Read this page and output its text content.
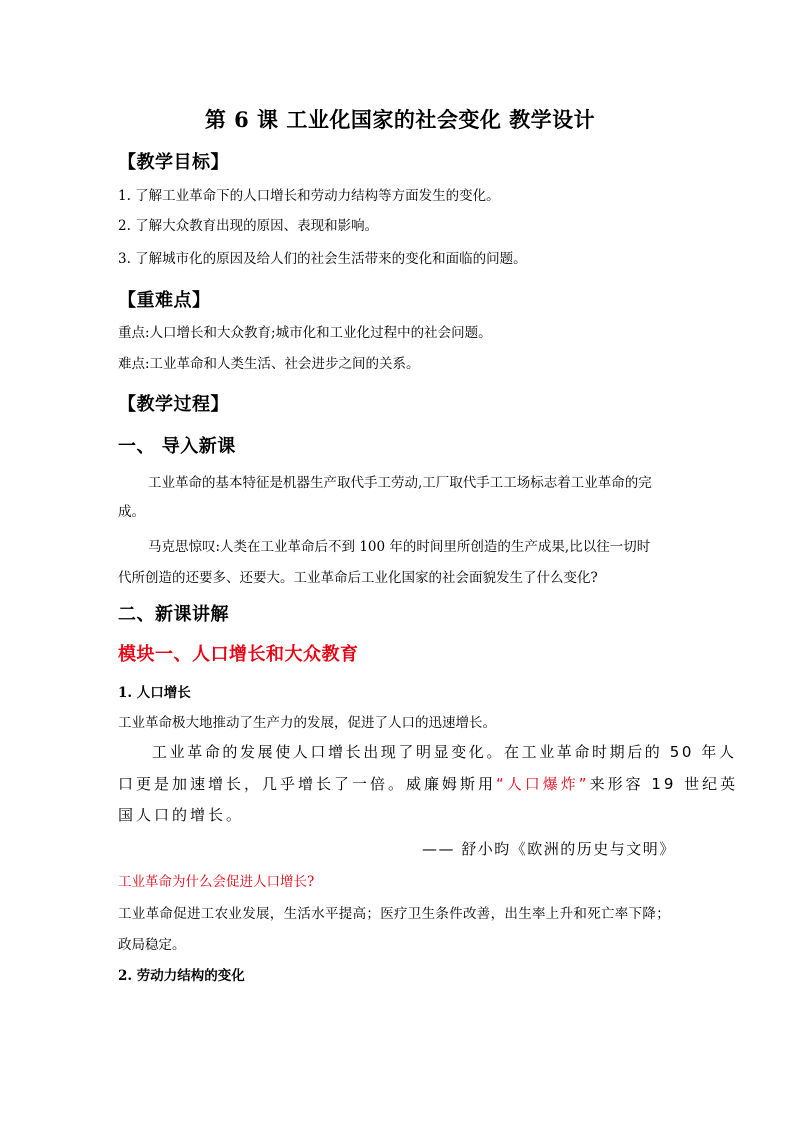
第 6 课 工业化国家的社会变化 教学设计
【教学目标】
1. 了解工业革命下的人口增长和劳动力结构等方面发生的变化。
2. 了解大众教育出现的原因、表现和影响。
3. 了解城市化的原因及给人们的社会生活带来的变化和面临的问题。
【重难点】
重点:人口增长和大众教育;城市化和工业化过程中的社会问题。
难点:工业革命和人类生活、社会进步之间的关系。
【教学过程】
一、 导入新课
工业革命的基本特征是机器生产取代手工劳动,工厂取代手工工场标志着工业革命的完
成。
马克思惊叹:人类在工业革命后不到 100 年的时间里所创造的生产成果,比以往一切时
代所创造的还要多、还要大。工业革命后工业化国家的社会面貌发生了什么变化?
二、新课讲解
模块一、人口增长和大众教育
1. 人口增长
工业革命极大地推动了生产力的发展，促进了人口的迅速增长。
工业革命的发展使人口增长出现了明显变化。在工业革命时期后的 50 年人
口更是加速增长，几乎增长了一倍。威廉姆斯用“人口爆炸”来形容 19 世纪英
国人口的增长。
—— 舒小昀《欧洲的历史与文明》
工业革命为什么会促进人口增长?
工业革命促进工农业发展，生活水平提高；医疗卫生条件改善，出生率上升和死亡率下降；
政局稳定。
2. 劳动力结构的变化
